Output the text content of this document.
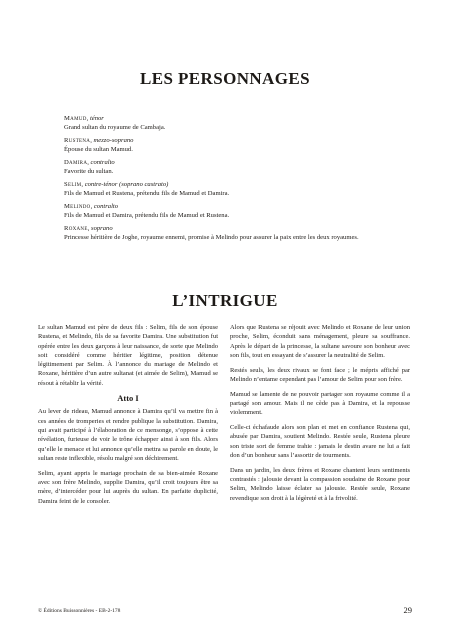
LES PERSONNAGES
Mamud, ténor
Grand sultan du royaume de Cambaja.
Rustena, mezzo-soprano
Épouse du sultan Mamud.
Damira, contralto
Favorite du sultan.
Selim, contre-ténor (soprano castrato)
Fils de Mamud et Rustena, prétendu fils de Mamud et Damira.
Melindo, contralto
Fils de Mamud et Damira, prétendu fils de Mamud et Rustena.
Roxane, soprano
Princesse héritière de Joghe, royaume ennemi, promise à Melindo pour assurer la paix entre les deux royaumes.
L’INTRIGUE

Le sultan Mamud est père de deux fils : Selim, fils de son épouse Rustena, et Melindo, fils de sa favorite Damira. Une substitution fut opérée entre les deux garçons à leur naissance, de sorte que Melindo soit considéré comme héritier légitime, position détenue légitimement par Selim. À l’annonce du mariage de Melindo et Roxane, héritière d’un autre sultanat (et aimée de Selim), Mamud se résout à rétablir la vérité.

Atto I

Au lever de rideau, Mamud annonce à Damira qu’il va mettre fin à ces années de tromperies et rendre publique la substitution. Damira, qui avait participé à l’élaboration de ce mensonge, s’oppose à cette révélation, furieuse de voir le trône échapper ainsi à son fils. Alors qu’elle le menace et lui annonce qu’elle mettra sa parole en doute, le sultan reste inflexible, résolu malgré son déchirement.

Selim, ayant appris le mariage prochain de sa bien-aimée Roxane avec son frère Melindo, supplie Damira, qu’il croit toujours être sa mère, d’intercéder pour lui auprès du sultan. En parfaite duplicité, Damira feint de le consoler.

Alors que Rustena se réjouit avec Melindo et Roxane de leur union proche, Selim, éconduit sans ménagement, pleure sa souffrance. Après le départ de la princesse, la sultane savoure son bonheur avec son fils, tout en essayant de s’assurer la neutralité de Selim.

Restés seuls, les deux rivaux se font face ; le mépris affiché par Melindo n’entame cependant pas l’amour de Selim pour son frère.

Mamud se lamente de ne pouvoir partager son royaume comme il a partagé son amour. Mais il ne cède pas à Damira, et la repousse violemment.

Celle-ci échafaude alors son plan et met en confiance Rustena qui, abusée par Damira, soutient Melindo. Restée seule, Rustena pleure son triste sort de femme trahie : jamais le destin avare ne lui a fait don d’un bonheur sans l’assortir de tourments.

Dans un jardin, les deux frères et Roxane chantent leurs sentiments contrastés : jalousie devant la compassion soudaine de Roxane pour Selim, Melindo laisse éclater sa jalousie. Restée seule, Roxane revendique son droit à la légèreté et à la frivolité.

© Éditions Buissonnières - EB-2-178	29
